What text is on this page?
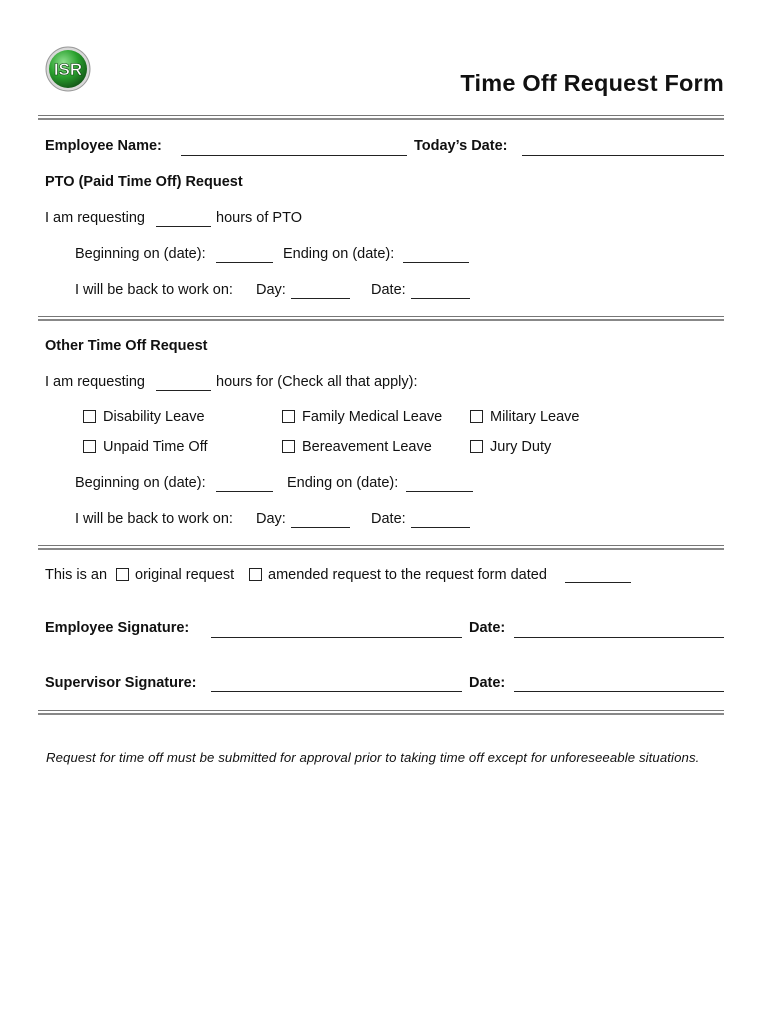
ISR
Time Off Request Form
Employee Name:	Today’s Date:
PTO (Paid Time Off) Request
I am requesting	hours of PTO
Beginning on (date):	Ending on (date):
I will be back to work on: Day:	Date:
Other Time Off Request
I am requesting	hours for (Check all that apply):
Disability Leave	Family Medical Leave	Military Leave
Unpaid Time Off	Bereavement Leave	Jury Duty
Beginning on (date):	Ending on (date):
I will be back to work on: Day:	Date:
This is an original request amended request to the request form dated
Employee Signature:	Date:
Supervisor Signature:	Date:
Request for time off must be submitted for approval prior to taking time off except for unforeseeable situations.
